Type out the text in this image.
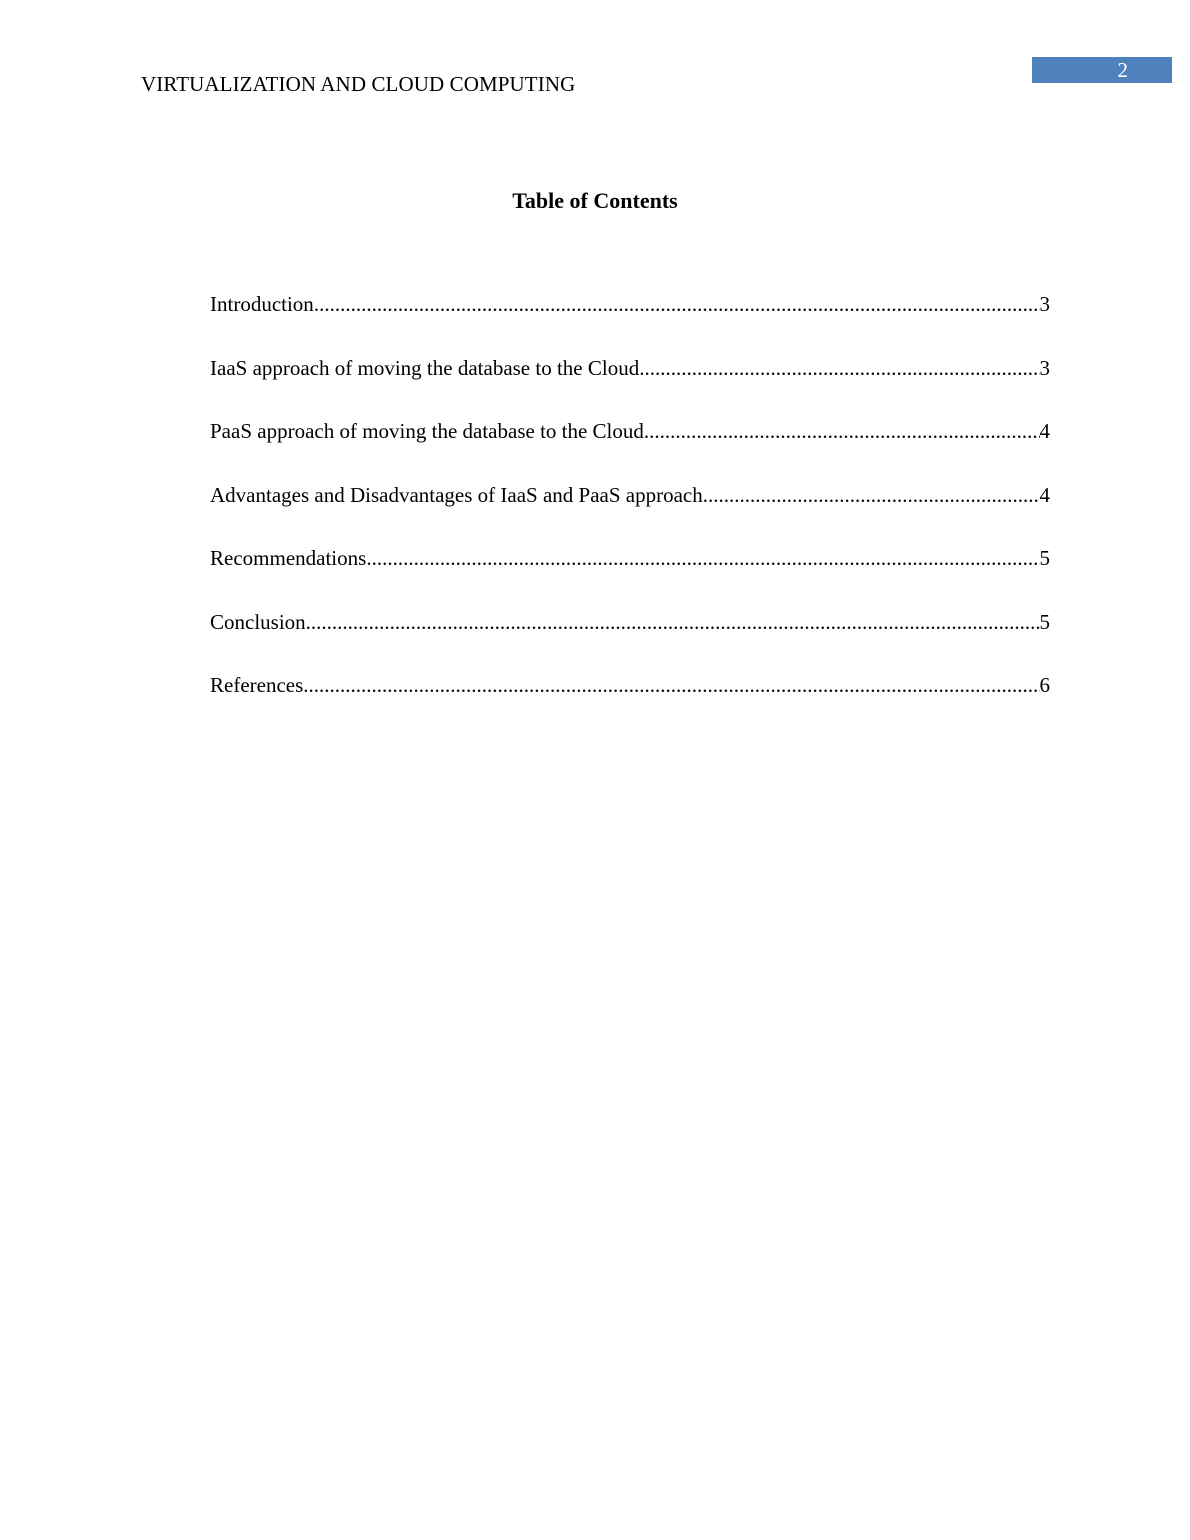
VIRTUALIZATION AND CLOUD COMPUTING
2
Table of Contents
Introduction .....	3
IaaS approach of moving the database to the Cloud .....	3
PaaS approach of moving the database to the Cloud .....	4
Advantages and Disadvantages of IaaS and PaaS approach .....	4
Recommendations .....	5
Conclusion .....	5
References .....	6
